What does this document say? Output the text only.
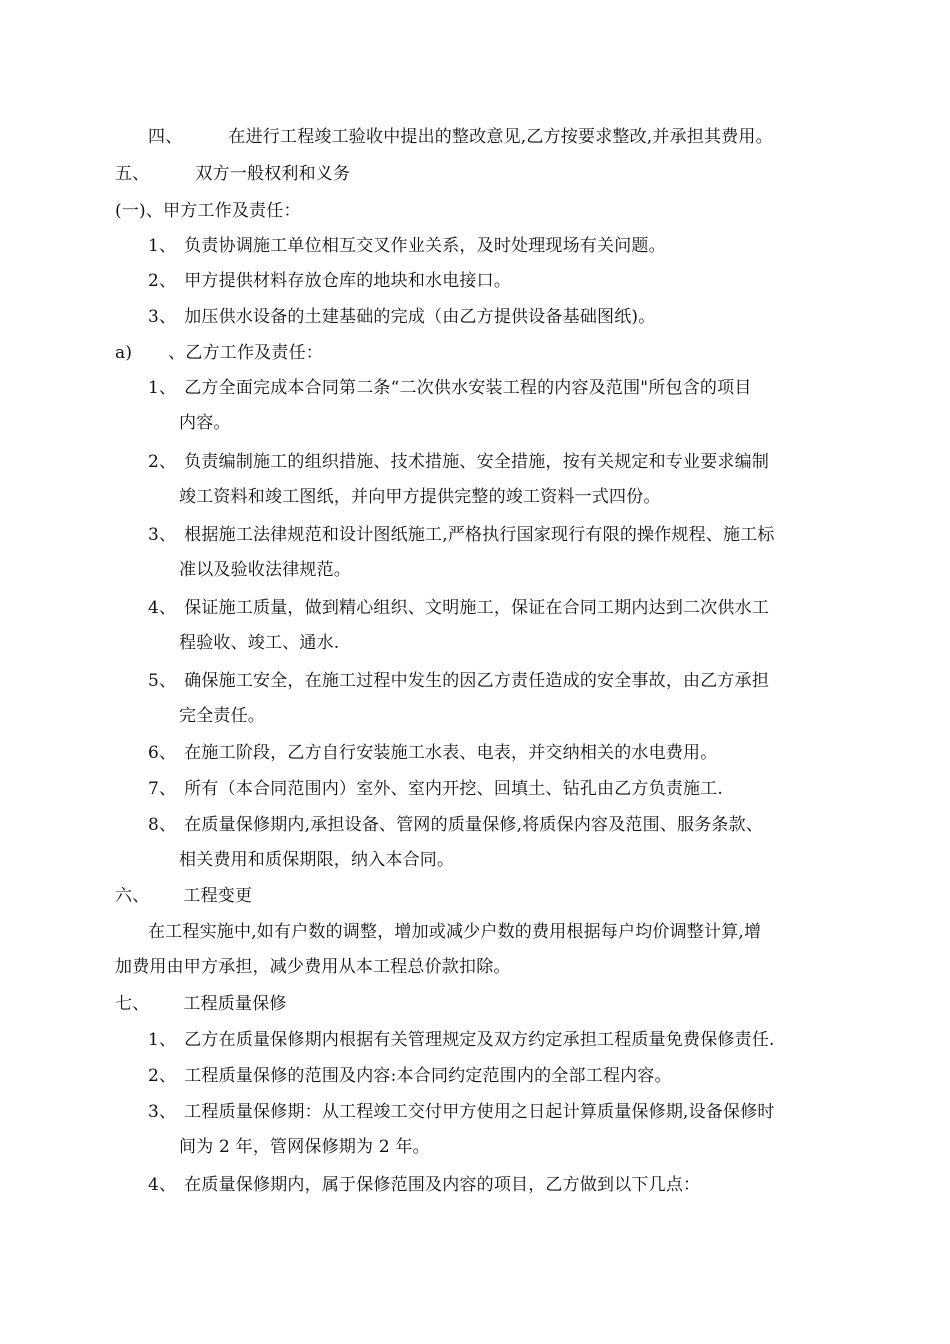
四、	在进行工程竣工验收中提出的整改意见,乙方按要求整改,并承担其费用。
五、	双方一般权利和义务
(一)、甲方工作及责任：
1、 负责协调施工单位相互交叉作业关系，及时处理现场有关问题。
2、 甲方提供材料存放仓库的地块和水电接口。
3、 加压供水设备的土建基础的完成（由乙方提供设备基础图纸)。
a) 、乙方工作及责任：
1、 乙方全面完成本合同第二条“二次供水安装工程的内容及范围"所包含的项目
内容。
2、 负责编制施工的组织措施、技术措施、安全措施，按有关规定和专业要求编制
竣工资料和竣工图纸，并向甲方提供完整的竣工资料一式四份。
3、 根据施工法律规范和设计图纸施工,严格执行国家现行有限的操作规程、施工标
准以及验收法律规范。
4、 保证施工质量，做到精心组织、文明施工，保证在合同工期内达到二次供水工
程验收、竣工、通水.
5、 确保施工安全，在施工过程中发生的因乙方责任造成的安全事故，由乙方承担
完全责任。
6、 在施工阶段，乙方自行安装施工水表、电表，并交纳相关的水电费用。
7、 所有（本合同范围内）室外、室内开挖、回填土、钻孔由乙方负责施工.
8、 在质量保修期内,承担设备、管网的质量保修,将质保内容及范围、服务条款、
相关费用和质保期限，纳入本合同。
六、 工程变更
在工程实施中,如有户数的调整，增加或减少户数的费用根据每户均价调整计算,增
加费用由甲方承担，减少费用从本工程总价款扣除。
七、 工程质量保修
1、 乙方在质量保修期内根据有关管理规定及双方约定承担工程质量免费保修责任.
2、 工程质量保修的范围及内容:本合同约定范围内的全部工程内容。
3、 工程质量保修期：从工程竣工交付甲方使用之日起计算质量保修期,设备保修时
间为 2 年，管网保修期为 2 年。
4、 在质量保修期内，属于保修范围及内容的项目，乙方做到以下几点：
